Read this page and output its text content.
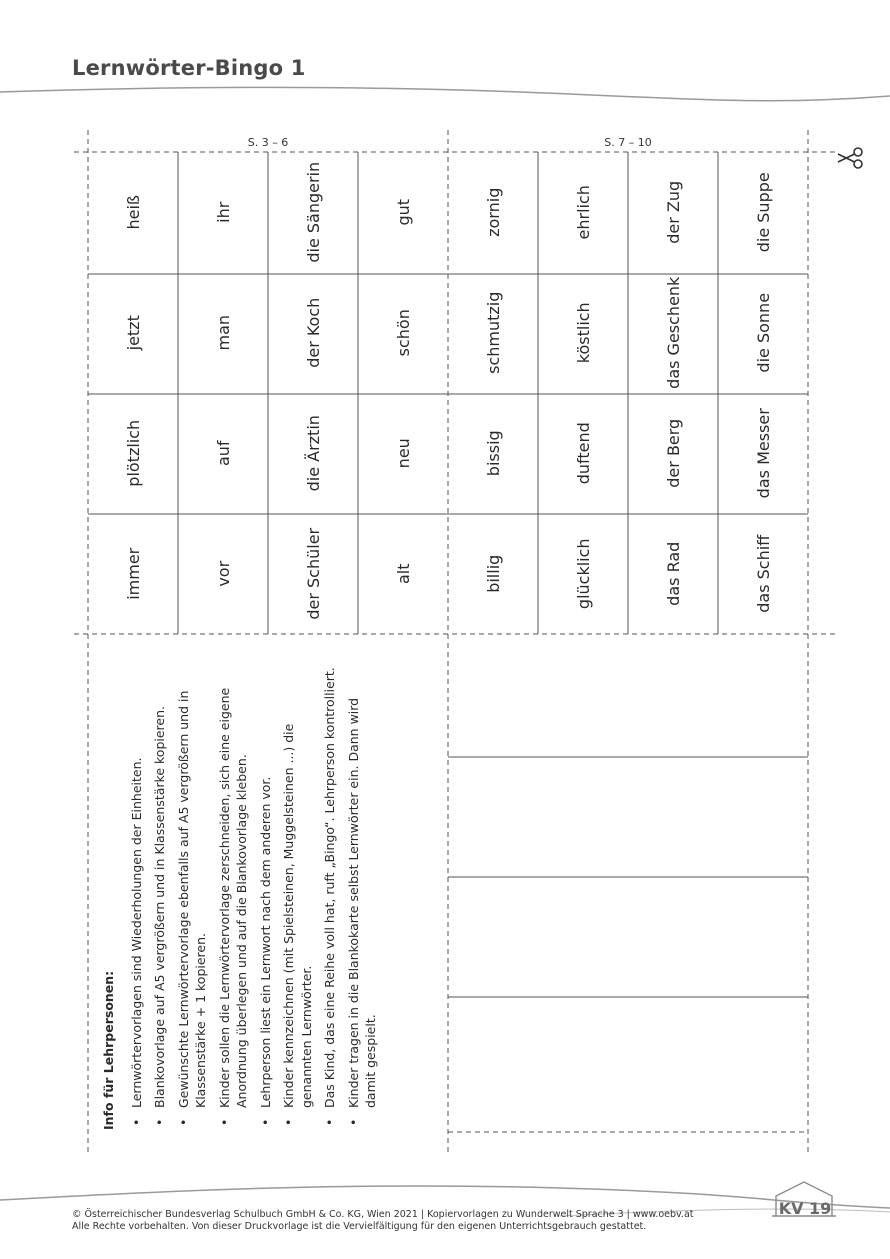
Lernwörter-Bingo 1
immer
plötzlich
jetzt
heiß
vor
auf
man
ihr
der Schüler
die Ärztin
der Koch
die Sängerin
alt
neu
schön
gut
billig
bissig
schmutzig
zornig
glücklich
duftend
köstlich
ehrlich
das Rad
der Berg
das Geschenk
der Zug
das Schiff
das Messer
die Sonne
die Suppe
Info für Lehrpersonen: • Lernwörtervorlagen sind Wiederholungen der Einheiten. • Blankovorlage auf A5 vergrößern und in Klassenstärke kopieren. • Gewünschte Lernwörtervorlage ebenfalls auf A5 vergrößern und in Klassenstärke + 1 kopieren. • Kinder sollen die Lernwörtervorlage zerschneiden, sich eine eigene Anordnung überlegen und auf die Blankovorlage kleben. • Lehrperson liest ein Lernwort nach dem anderen vor. • Kinder kennzeichnen (mit Spielsteinen, Muggelsteinen ...) die genannten Lernwörter. • Das Kind, das eine Reihe voll hat, ruft „Bingo“. Lehrperson kontrolliert. • Kinder tragen in die Blankokarte selbst Lernwörter ein. Dann wird damit gespielt.
S. 3 – 6	S. 7 – 10
KV 19
© Österreichischer Bundesverlag Schulbuch GmbH & Co. KG, Wien 2021 | Kopiervorlagen zu Wunderwelt Sprache 3 | www.oebv.at
Alle Rechte vorbehalten. Von dieser Druckvorlage ist die Vervielfältigung für den eigenen Unterrichtsgebrauch gestattet.
